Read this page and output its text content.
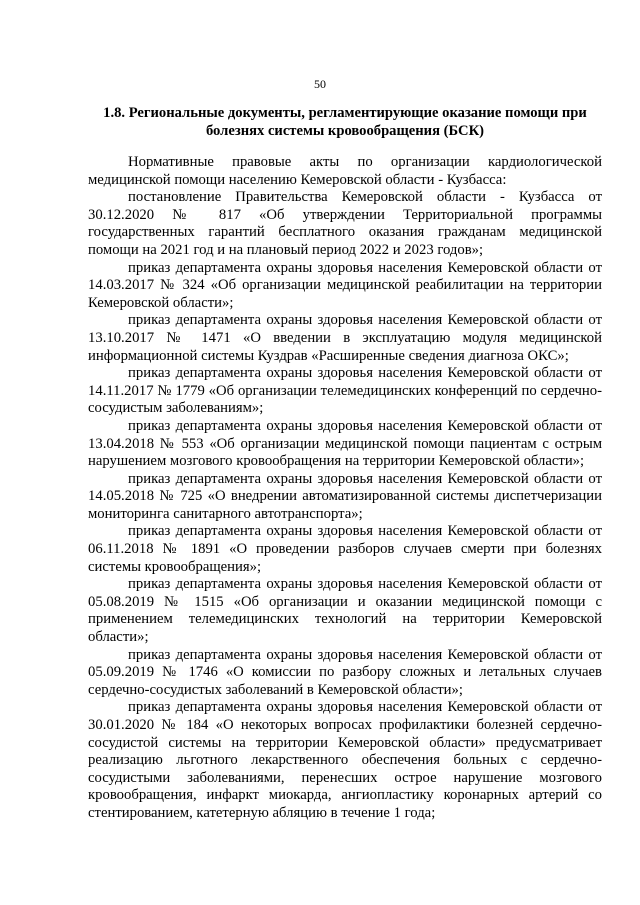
50
1.8. Региональные документы, регламентирующие оказание помощи при болезнях системы кровообращения (БСК)

Нормативные правовые акты по организации кардиологической медицинской помощи населению Кемеровской области - Кузбасса:

постановление Правительства Кемеровской области - Кузбасса от 30.12.2020 № 817 «Об утверждении Территориальной программы государственных гарантий бесплатного оказания гражданам медицинской помощи на 2021 год и на плановый период 2022 и 2023 годов»;

приказ департамента охраны здоровья населения Кемеровской области от 14.03.2017 № 324 «Об организации медицинской реабилитации на территории Кемеровской области»;

приказ департамента охраны здоровья населения Кемеровской области от 13.10.2017 № 1471 «О введении в эксплуатацию модуля медицинской информационной системы Куздрав «Расширенные сведения диагноза ОКС»;

приказ департамента охраны здоровья населения Кемеровской области от 14.11.2017 № 1779 «Об организации телемедицинских конференций по сердечно-сосудистым заболеваниям»;

приказ департамента охраны здоровья населения Кемеровской области от 13.04.2018 № 553 «Об организации медицинской помощи пациентам с острым нарушением мозгового кровообращения на территории Кемеровской области»;

приказ департамента охраны здоровья населения Кемеровской области от 14.05.2018 № 725 «О внедрении автоматизированной системы диспетчеризации мониторинга санитарного автотранспорта»;

приказ департамента охраны здоровья населения Кемеровской области от 06.11.2018 № 1891 «О проведении разборов случаев смерти при болезнях системы кровообращения»;

приказ департамента охраны здоровья населения Кемеровской области от 05.08.2019 № 1515 «Об организации и оказании медицинской помощи с применением телемедицинских технологий на территории Кемеровской области»;

приказ департамента охраны здоровья населения Кемеровской области от 05.09.2019 № 1746 «О комиссии по разбору сложных и летальных случаев сердечно-сосудистых заболеваний в Кемеровской области»;

приказ департамента охраны здоровья населения Кемеровской области от 30.01.2020 № 184 «О некоторых вопросах профилактики болезней сердечно-сосудистой системы на территории Кемеровской области» предусматривает реализацию льготного лекарственного обеспечения больных с сердечно-сосудистыми заболеваниями, перенесших острое нарушение мозгового кровообращения, инфаркт миокарда, ангиопластику коронарных артерий со стентированием, катетерную абляцию в течение 1 года;
